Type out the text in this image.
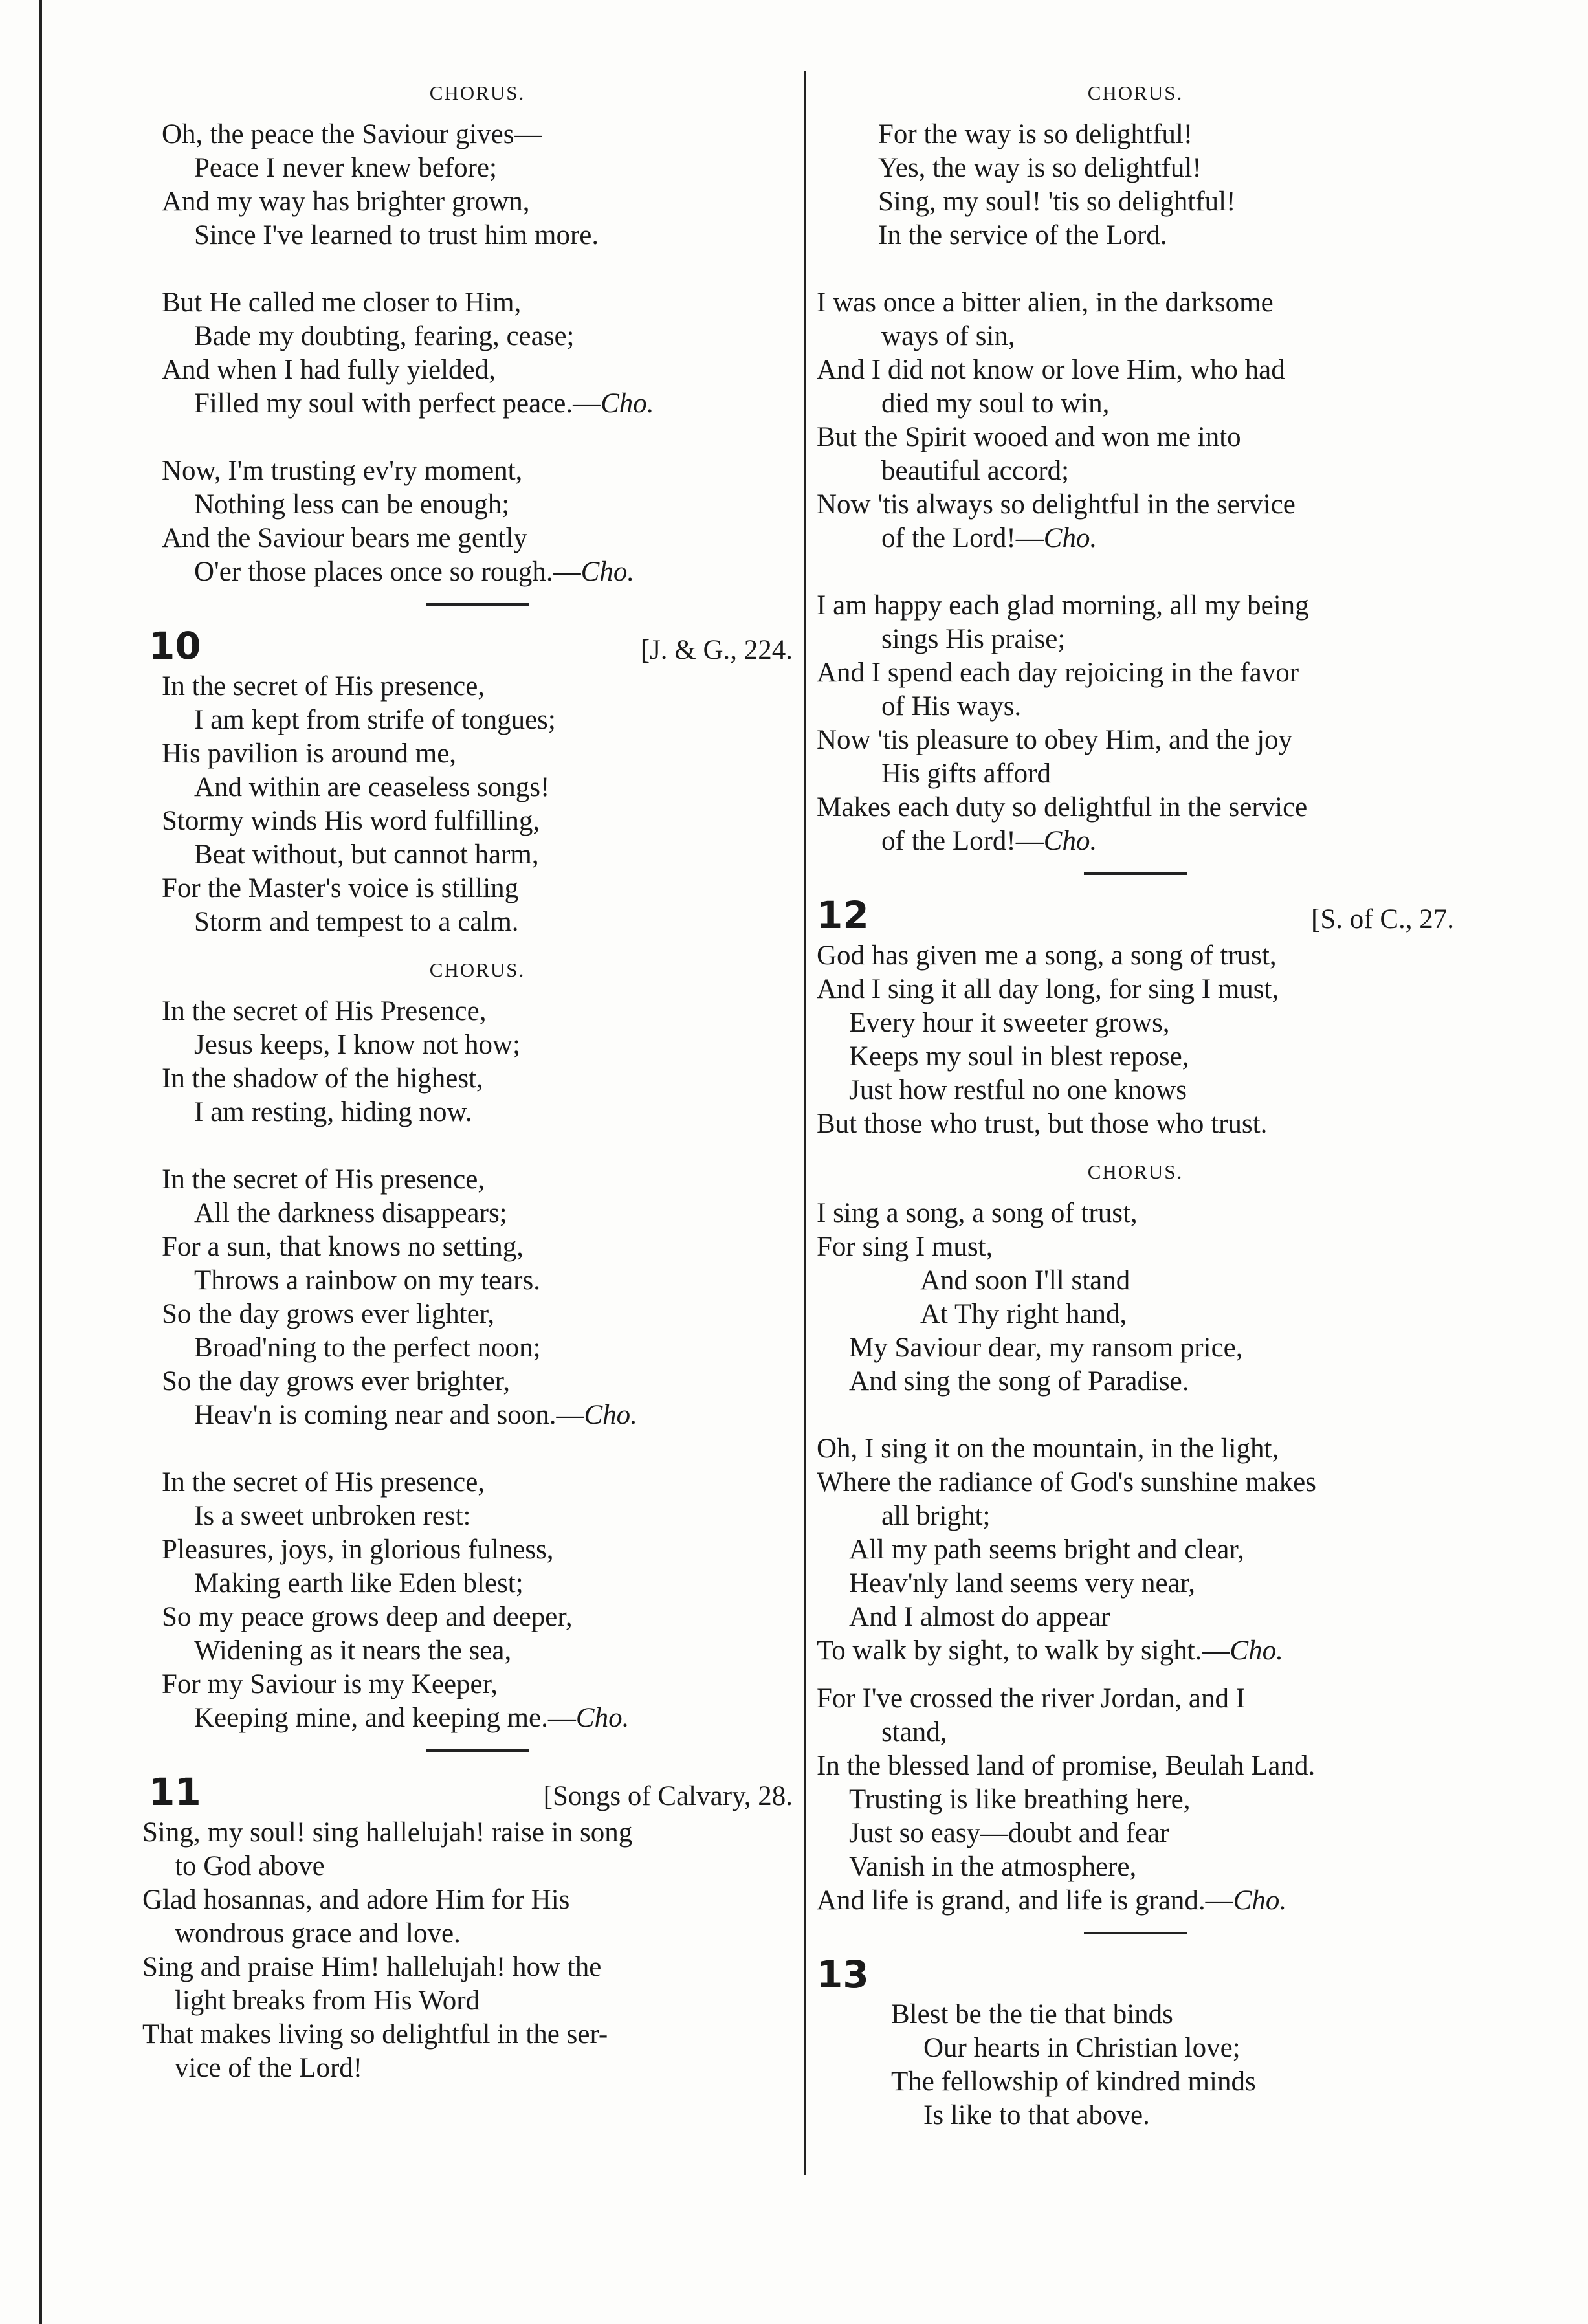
CHORUS.
Oh, the peace the Saviour gives—
Peace I never knew before;
And my way has brighter grown,
Since I've learned to trust him more.
But He called me closer to Him,
Bade my doubting, fearing, cease;
And when I had fully yielded,
Filled my soul with perfect peace.—Cho.
Now, I'm trusting ev'ry moment,
Nothing less can be enough;
And the Saviour bears me gently
O'er those places once so rough.—Cho.
10	[J. & G., 224.
In the secret of His presence,
I am kept from strife of tongues;
His pavilion is around me,
And within are ceaseless songs!
Stormy winds His word fulfilling,
Beat without, but cannot harm,
For the Master's voice is stilling
Storm and tempest to a calm.
CHORUS.
In the secret of His Presence,
Jesus keeps, I know not how;
In the shadow of the highest,
I am resting, hiding now.
In the secret of His presence,
All the darkness disappears;
For a sun, that knows no setting,
Throws a rainbow on my tears.
So the day grows ever lighter,
Broad'ning to the perfect noon;
So the day grows ever brighter,
Heav'n is coming near and soon.—Cho.
In the secret of His presence,
Is a sweet unbroken rest:
Pleasures, joys, in glorious fulness,
Making earth like Eden blest;
So my peace grows deep and deeper,
Widening as it nears the sea,
For my Saviour is my Keeper,
Keeping mine, and keeping me.—Cho.
11	[Songs of Calvary, 28.
Sing, my soul! sing hallelujah! raise in song
to God above
Glad hosannas, and adore Him for His
wondrous grace and love.
Sing and praise Him! hallelujah! how the
light breaks from His Word
That makes living so delightful in the ser-
vice of the Lord!
CHORUS.
For the way is so delightful!
Yes, the way is so delightful!
Sing, my soul! 'tis so delightful!
In the service of the Lord.
I was once a bitter alien, in the darksome
ways of sin,
And I did not know or love Him, who had
died my soul to win,
But the Spirit wooed and won me into
beautiful accord;
Now 'tis always so delightful in the service
of the Lord!—Cho.
I am happy each glad morning, all my being
sings His praise;
And I spend each day rejoicing in the favor
of His ways.
Now 'tis pleasure to obey Him, and the joy
His gifts afford
Makes each duty so delightful in the service
of the Lord!—Cho.
12	[S. of C., 27.
God has given me a song, a song of trust,
And I sing it all day long, for sing I must,
Every hour it sweeter grows,
Keeps my soul in blest repose,
Just how restful no one knows
But those who trust, but those who trust.
CHORUS.
I sing a song, a song of trust,
For sing I must,
And soon I'll stand
At Thy right hand,
My Saviour dear, my ransom price,
And sing the song of Paradise.
Oh, I sing it on the mountain, in the light,
Where the radiance of God's sunshine makes
all bright;
All my path seems bright and clear,
Heav'nly land seems very near,
And I almost do appear
To walk by sight, to walk by sight.—Cho.
For I've crossed the river Jordan, and I
stand,
In the blessed land of promise, Beulah Land.
Trusting is like breathing here,
Just so easy—doubt and fear
Vanish in the atmosphere,
And life is grand, and life is grand.—Cho.
13
Blest be the tie that binds
Our hearts in Christian love;
The fellowship of kindred minds
Is like to that above.
